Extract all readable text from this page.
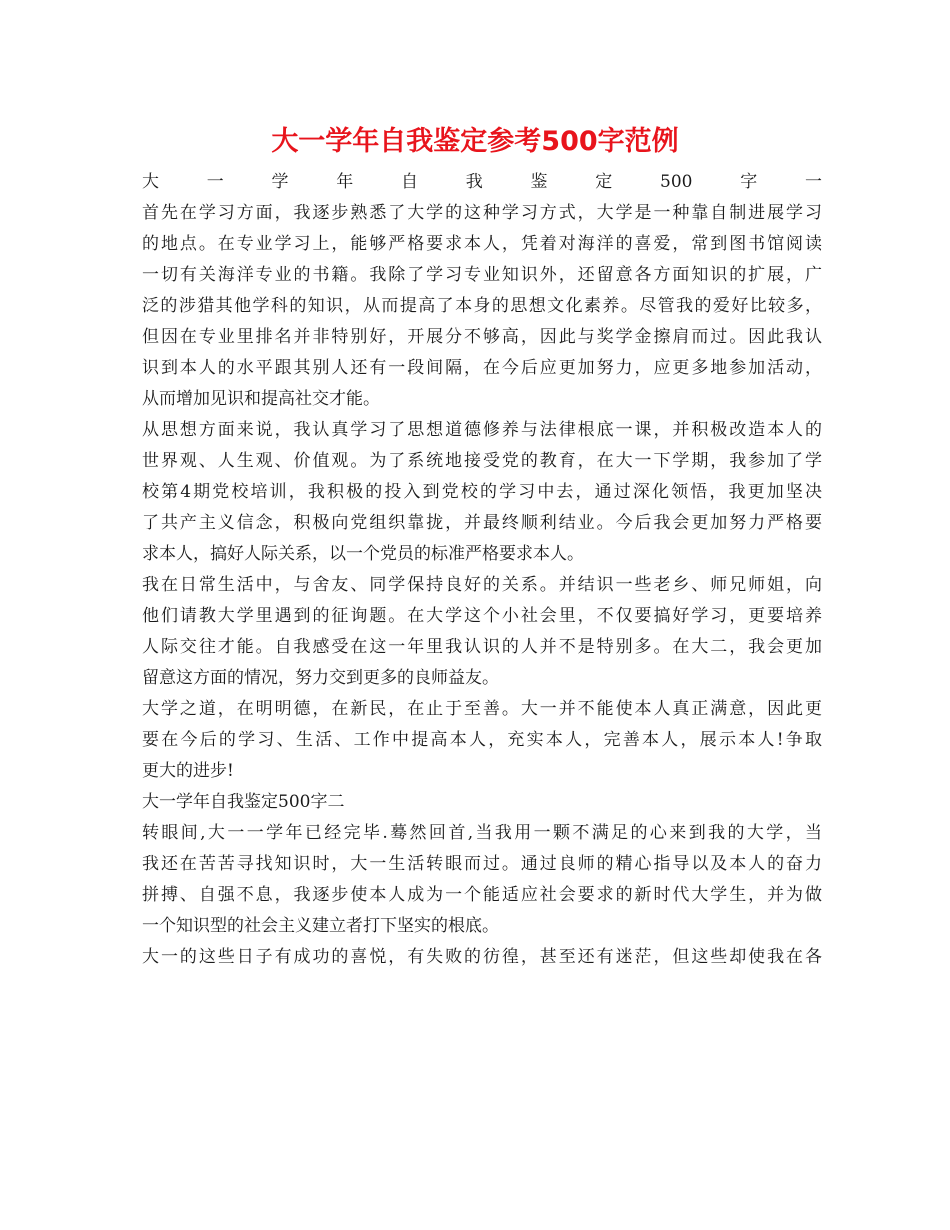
大一学年自我鉴定参考500字范例
大一学年自我鉴定500字一
首先在学习方面，我逐步熟悉了大学的这种学习方式，大学是一种靠自制进展学习
的地点。在专业学习上，能够严格要求本人，凭着对海洋的喜爱，常到图书馆阅读
一切有关海洋专业的书籍。我除了学习专业知识外，还留意各方面知识的扩展，广
泛的涉猎其他学科的知识，从而提高了本身的思想文化素养。尽管我的爱好比较多，
但因在专业里排名并非特别好，开展分不够高，因此与奖学金擦肩而过。因此我认
识到本人的水平跟其别人还有一段间隔，在今后应更加努力，应更多地参加活动，
从而增加见识和提高社交才能。
从思想方面来说，我认真学习了思想道德修养与法律根底一课，并积极改造本人的
世界观、人生观、价值观。为了系统地接受党的教育，在大一下学期，我参加了学
校第4期党校培训，我积极的投入到党校的学习中去，通过深化领悟，我更加坚决
了共产主义信念，积极向党组织靠拢，并最终顺利结业。今后我会更加努力严格要
求本人，搞好人际关系，以一个党员的标准严格要求本人。
我在日常生活中，与舍友、同学保持良好的关系。并结识一些老乡、师兄师姐，向
他们请教大学里遇到的征询题。在大学这个小社会里，不仅要搞好学习，更要培养
人际交往才能。自我感受在这一年里我认识的人并不是特别多。在大二，我会更加
留意这方面的情况，努力交到更多的良师益友。
大学之道，在明明德，在新民，在止于至善。大一并不能使本人真正满意，因此更
要在今后的学习、生活、工作中提高本人，充实本人，完善本人，展示本人!争取
更大的进步!
大一学年自我鉴定500字二
转眼间,大一一学年已经完毕.蓦然回首,当我用一颗不满足的心来到我的大学，当
我还在苦苦寻找知识时，大一生活转眼而过。通过良师的精心指导以及本人的奋力
拼搏、自强不息，我逐步使本人成为一个能适应社会要求的新时代大学生，并为做
一个知识型的社会主义建立者打下坚实的根底。
大一的这些日子有成功的喜悦，有失败的彷徨，甚至还有迷茫，但这些却使我在各
